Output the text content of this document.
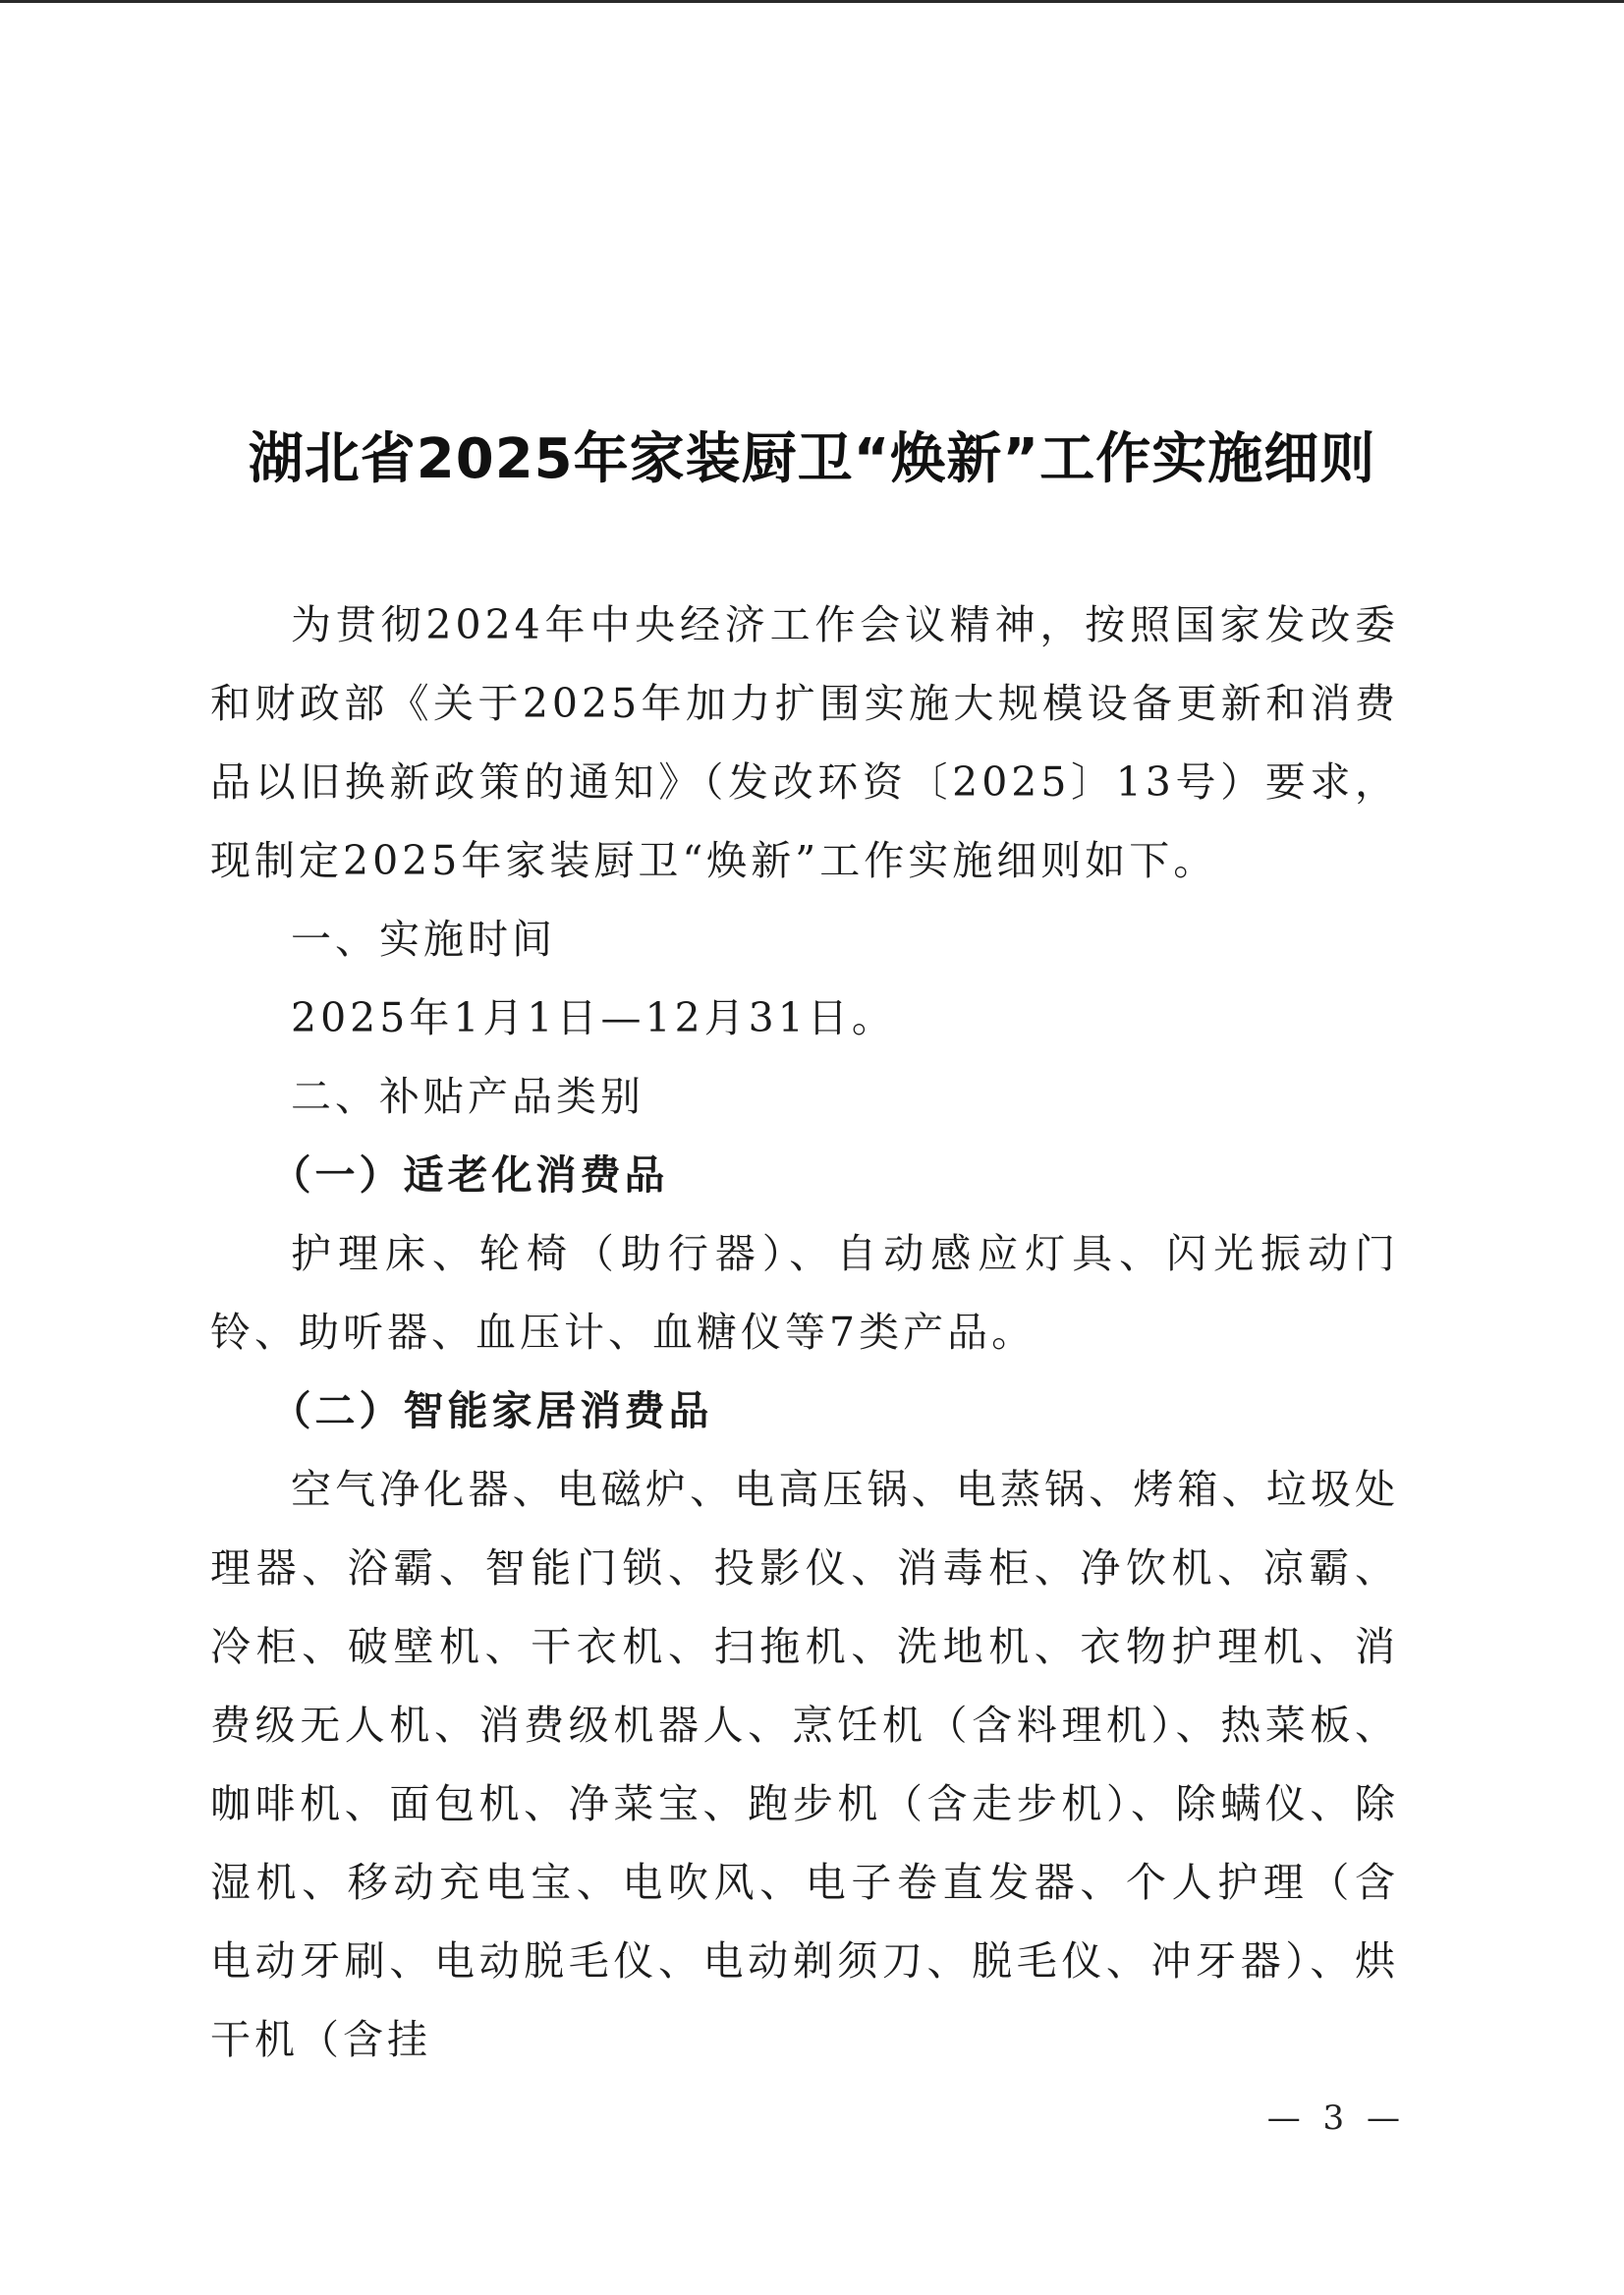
湖北省2025年家装厨卫“焕新”工作实施细则

为贯彻2024年中央经济工作会议精神，按照国家发改委和财政部《关于2025年加力扩围实施大规模设备更新和消费品以旧换新政策的通知》（发改环资〔2025〕13号）要求，现制定2025年家装厨卫“焕新”工作实施细则如下。

一、实施时间

2025年1月1日—12月31日。

二、补贴产品类别

（一）适老化消费品

护理床、轮椅（助行器）、自动感应灯具、闪光振动门铃、助听器、血压计、血糖仪等7类产品。

（二）智能家居消费品

空气净化器、电磁炉、电高压锅、电蒸锅、烤箱、垃圾处理器、浴霸、智能门锁、投影仪、消毒柜、净饮机、凉霸、冷柜、破壁机、干衣机、扫拖机、洗地机、衣物护理机、消费级无人机、消费级机器人、烹饪机（含料理机）、热菜板、咖啡机、面包机、净菜宝、跑步机（含走步机）、除螨仪、除湿机、移动充电宝、电吹风、电子卷直发器、个人护理（含电动牙刷、电动脱毛仪、电动剃须刀、脱毛仪、冲牙器）、烘干机（含挂

— 3 —
